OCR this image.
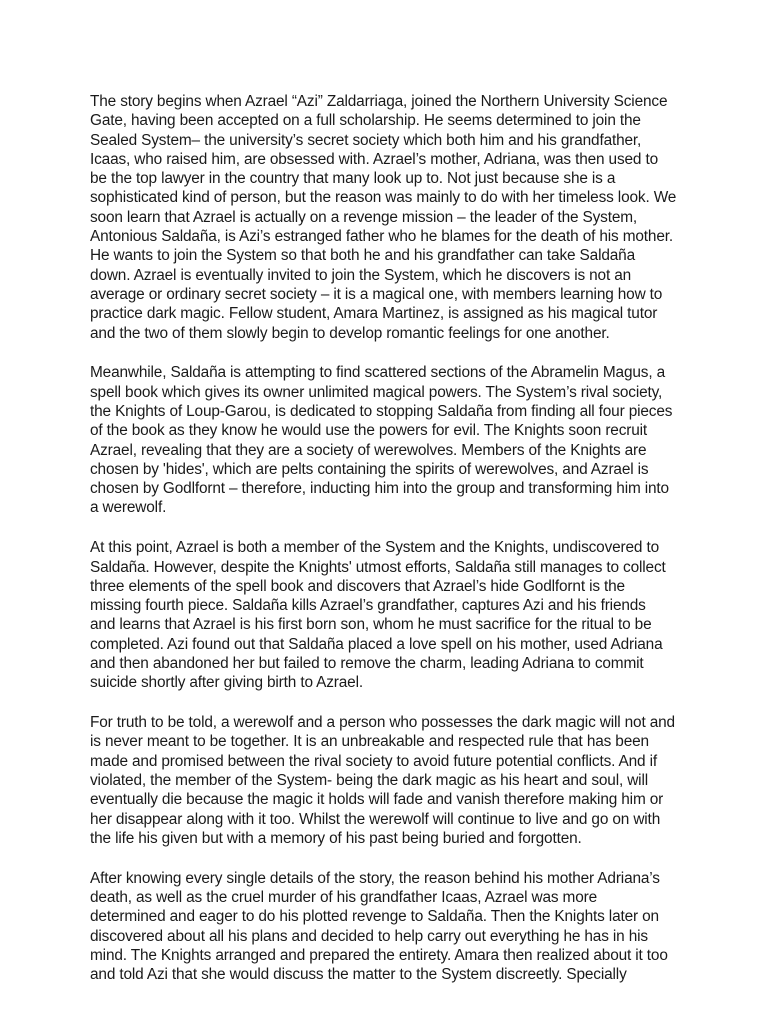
The story begins when Azrael “Azi” Zaldarriaga, joined the Northern University Science
Gate, having been accepted on a full scholarship. He seems determined to join the
Sealed System– the university’s secret society which both him and his grandfather,
Icaas, who raised him, are obsessed with. Azrael’s mother, Adriana, was then used to
be the top lawyer in the country that many look up to. Not just because she is a
sophisticated kind of person, but the reason was mainly to do with her timeless look. We
soon learn that Azrael is actually on a revenge mission – the leader of the System,
Antonious Saldaña, is Azi’s estranged father who he blames for the death of his mother.
He wants to join the System so that both he and his grandfather can take Saldaña
down. Azrael is eventually invited to join the System, which he discovers is not an
average or ordinary secret society – it is a magical one, with members learning how to
practice dark magic. Fellow student, Amara Martinez, is assigned as his magical tutor
and the two of them slowly begin to develop romantic feelings for one another.

Meanwhile, Saldaña is attempting to find scattered sections of the Abramelin Magus, a
spell book which gives its owner unlimited magical powers. The System’s rival society,
the Knights of Loup-Garou, is dedicated to stopping Saldaña from finding all four pieces
of the book as they know he would use the powers for evil. The Knights soon recruit
Azrael, revealing that they are a society of werewolves. Members of the Knights are
chosen by 'hides', which are pelts containing the spirits of werewolves, and Azrael is
chosen by Godlfornt – therefore, inducting him into the group and transforming him into
a werewolf.

At this point, Azrael is both a member of the System and the Knights, undiscovered to
Saldaña. However, despite the Knights' utmost efforts, Saldaña still manages to collect
three elements of the spell book and discovers that Azrael’s hide Godlfornt is the
missing fourth piece. Saldaña kills Azrael’s grandfather, captures Azi and his friends
and learns that Azrael is his first born son, whom he must sacrifice for the ritual to be
completed. Azi found out that Saldaña placed a love spell on his mother, used Adriana
and then abandoned her but failed to remove the charm, leading Adriana to commit
suicide shortly after giving birth to Azrael.

For truth to be told, a werewolf and a person who possesses the dark magic will not and
is never meant to be together. It is an unbreakable and respected rule that has been
made and promised between the rival society to avoid future potential conflicts. And if
violated, the member of the System- being the dark magic as his heart and soul, will
eventually die because the magic it holds will fade and vanish therefore making him or
her disappear along with it too. Whilst the werewolf will continue to live and go on with
the life his given but with a memory of his past being buried and forgotten.

After knowing every single details of the story, the reason behind his mother Adriana’s
death, as well as the cruel murder of his grandfather Icaas, Azrael was more
determined and eager to do his plotted revenge to Saldaña. Then the Knights later on
discovered about all his plans and decided to help carry out everything he has in his
mind. The Knights arranged and prepared the entirety. Amara then realized about it too
and told Azi that she would discuss the matter to the System discreetly. Specially
